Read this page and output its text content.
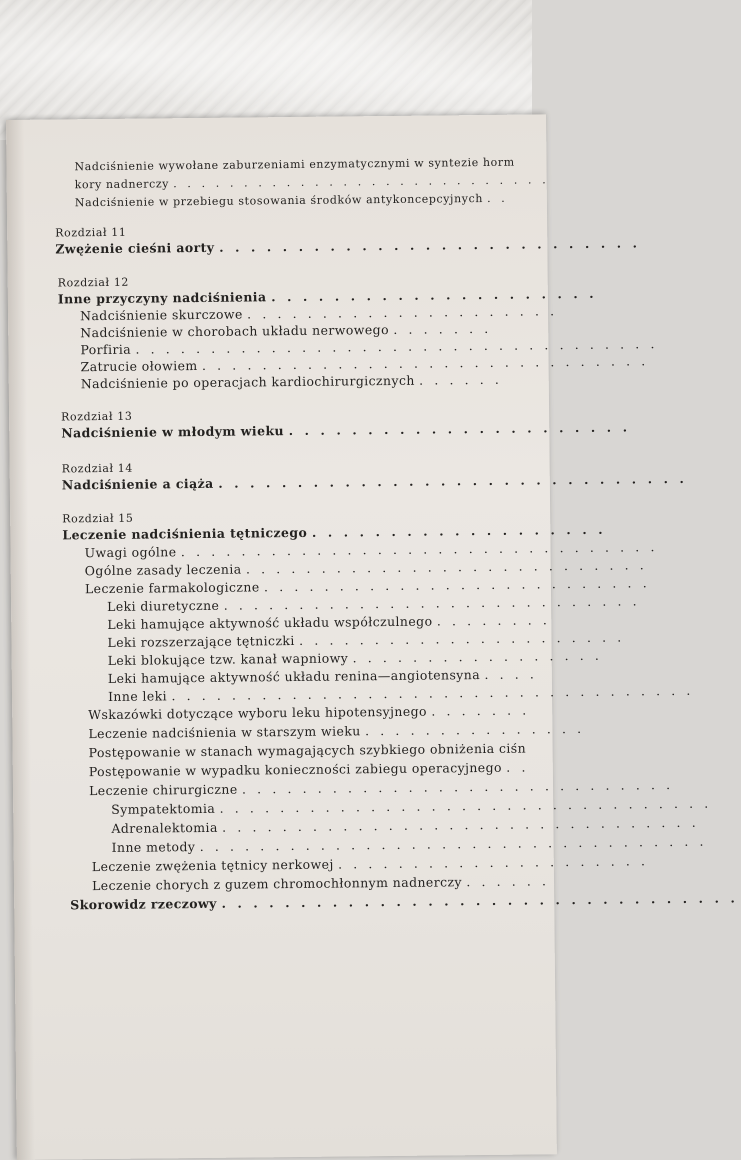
Nadciśnienie wywołane zaburzeniami enzymatycznymi w syntezie horm
kory nadnerczy . . . . . . . . . . . . . . . . . . . . . . . . . . .
Nadciśnienie w przebiegu stosowania środków antykoncepcyjnych . .
Rozdział 11
Zwężenie cieśni aorty . . . . . . . . . . . . . . . . . . . . . . . . . . .
Rozdział 12
Inne przyczyny nadciśnienia . . . . . . . . . . . . . . . . . . . . .
Nadciśnienie skurczowe . . . . . . . . . . . . . . . . . . . . .
Nadciśnienie w chorobach układu nerwowego . . . . . . .
Porfiria . . . . . . . . . . . . . . . . . . . . . . . . . . . . . . . . . . .
Zatrucie ołowiem . . . . . . . . . . . . . . . . . . . . . . . . . . . . . .
Nadciśnienie po operacjach kardiochirurgicznych . . . . . .
Rozdział 13
Nadciśnienie w młodym wieku . . . . . . . . . . . . . . . . . . . . . .
Rozdział 14
Nadciśnienie a ciąża . . . . . . . . . . . . . . . . . . . . . . . . . . . . . .
Rozdział 15
Leczenie nadciśnienia tętniczego . . . . . . . . . . . . . . . . . . .
Uwagi ogólne . . . . . . . . . . . . . . . . . . . . . . . . . . . . . . . .
Ogólne zasady leczenia . . . . . . . . . . . . . . . . . . . . . . . . . . .
Leczenie farmakologiczne . . . . . . . . . . . . . . . . . . . . . . . . . .
Leki diuretyczne . . . . . . . . . . . . . . . . . . . . . . . . . . . .
Leki hamujące aktywność układu współczulnego . . . . . . . .
Leki rozszerzające tętniczki . . . . . . . . . . . . . . . . . . . . . .
Leki blokujące tzw. kanał wapniowy . . . . . . . . . . . . . . . . .
Leki hamujące aktywność układu renina—angiotensyna . . . .
Inne leki . . . . . . . . . . . . . . . . . . . . . . . . . . . . . . . . . . .
Wskazówki dotyczące wyboru leku hipotensyjnego . . . . . . .
Leczenie nadciśnienia w starszym wieku . . . . . . . . . . . . . . .
Postępowanie w stanach wymagających szybkiego obniżenia ciśn
Postępowanie w wypadku konieczności zabiegu operacyjnego . .
Leczenie chirurgiczne . . . . . . . . . . . . . . . . . . . . . . . . . . . . .
Sympatektomia . . . . . . . . . . . . . . . . . . . . . . . . . . . . . . . . .
Adrenalektomia . . . . . . . . . . . . . . . . . . . . . . . . . . . . . . . .
Inne metody . . . . . . . . . . . . . . . . . . . . . . . . . . . . . . . . . .
Leczenie zwężenia tętnicy nerkowej . . . . . . . . . . . . . . . . . . . . .
Leczenie chorych z guzem chromochłonnym nadnerczy . . . . . .
Skorowidz rzeczowy . . . . . . . . . . . . . . . . . . . . . . . . . . . . . . . . .
